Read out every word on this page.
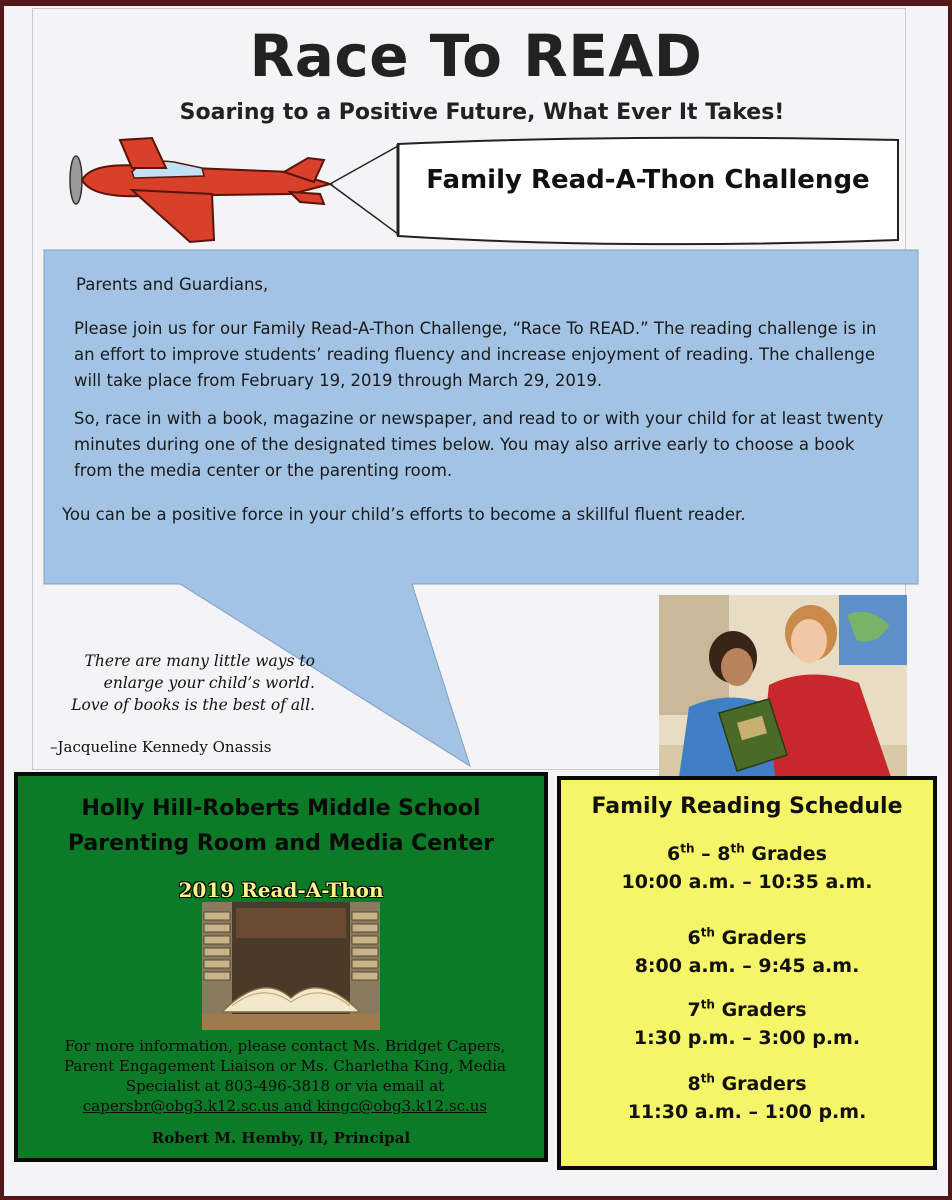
Race To READ
Soaring to a Positive Future, What Ever It Takes!
Family Read-A-Thon Challenge

Parents and Guardians,

Please join us for our Family Read-A-Thon Challenge, “Race To READ.” The reading challenge is in an effort to improve students’ reading fluency and increase enjoyment of reading. The challenge will take place from February 19, 2019 through March 29, 2019.

So, race in with a book, magazine or newspaper, and read to or with your child for at least twenty minutes during one of the designated times below. You may also arrive early to choose a book from the media center or the parenting room.

You can be a positive force in your child’s efforts to become a skillful fluent reader.

There are many little ways to
enlarge your child’s world.
Love of books is the best of all.
–Jacqueline Kennedy Onassis
Holly Hill-Roberts Middle School
Parenting Room and Media Center
2019 Read-A-Thon
For more information, please contact Ms. Bridget Capers,
Parent Engagement Liaison or Ms. Charletha King, Media
Specialist at 803-496-3818 or via email at
capersbr@obg3.k12.sc.us and kingc@obg3.k12.sc.us
Robert M. Hemby, II, Principal
Family Reading Schedule
6th – 8th Grades
10:00 a.m. – 10:35 a.m.
6th Graders
8:00 a.m. – 9:45 a.m.
7th Graders
1:30 p.m. – 3:00 p.m.
8th Graders
11:30 a.m. – 1:00 p.m.
